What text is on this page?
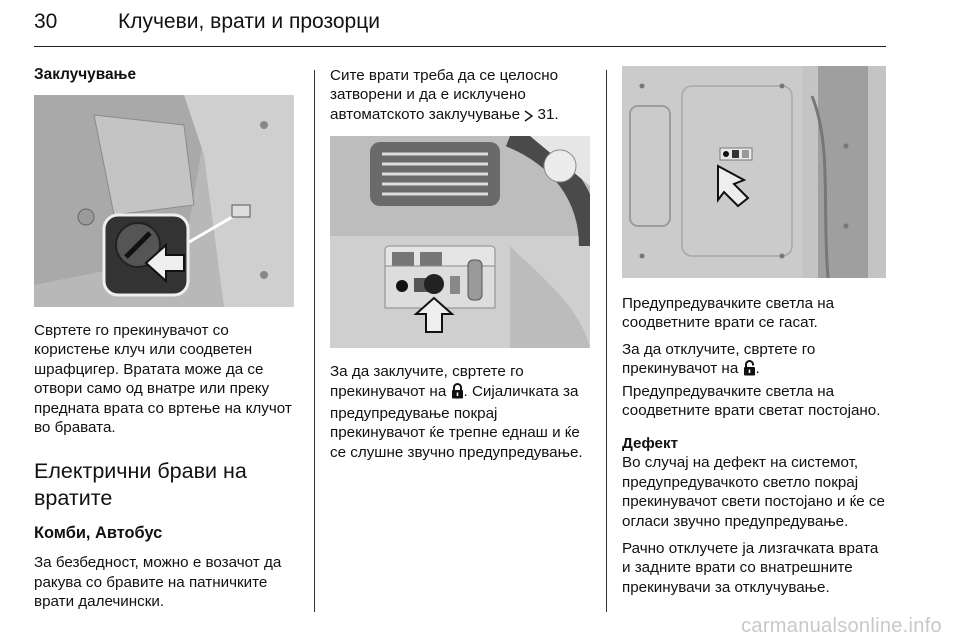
30	Клучеви, врати и прозорци

Заклучување

Свртете го прекинувачот со користење клуч или соодветен шрафцигер. Вратата може да се отвори само од внатре или преку предната врата со вртење на клучот во бравата.

Електрични брави на вратите

Комби, Автобус

За безбедност, можно е возачот да ракува со бравите на патничките врати далечински.

Сите врати треба да се целосно затворени и да е исклучено автоматското заклучување 31.

За да заклучите, свртете го прекинувачот на . Сијаличката за предупредување покрај прекинувачот ќе трепне еднаш и ќе се слушне звучно предупредување.

Предупредувачките светла на соодветните врати се гасат.

За да отклучите, свртете го прекинувачот на . Предупредувачките светла на соодветните врати светат постојано.

Дефект

Во случај на дефект на системот, предупредувачкото светло покрај прекинувачот свети постојано и ќе се огласи звучно предупредување.

Рачно отклучете ја лизгачката врата и задните врати со внатрешните прекинувачи за отклучување.

carmanualsonline.info
